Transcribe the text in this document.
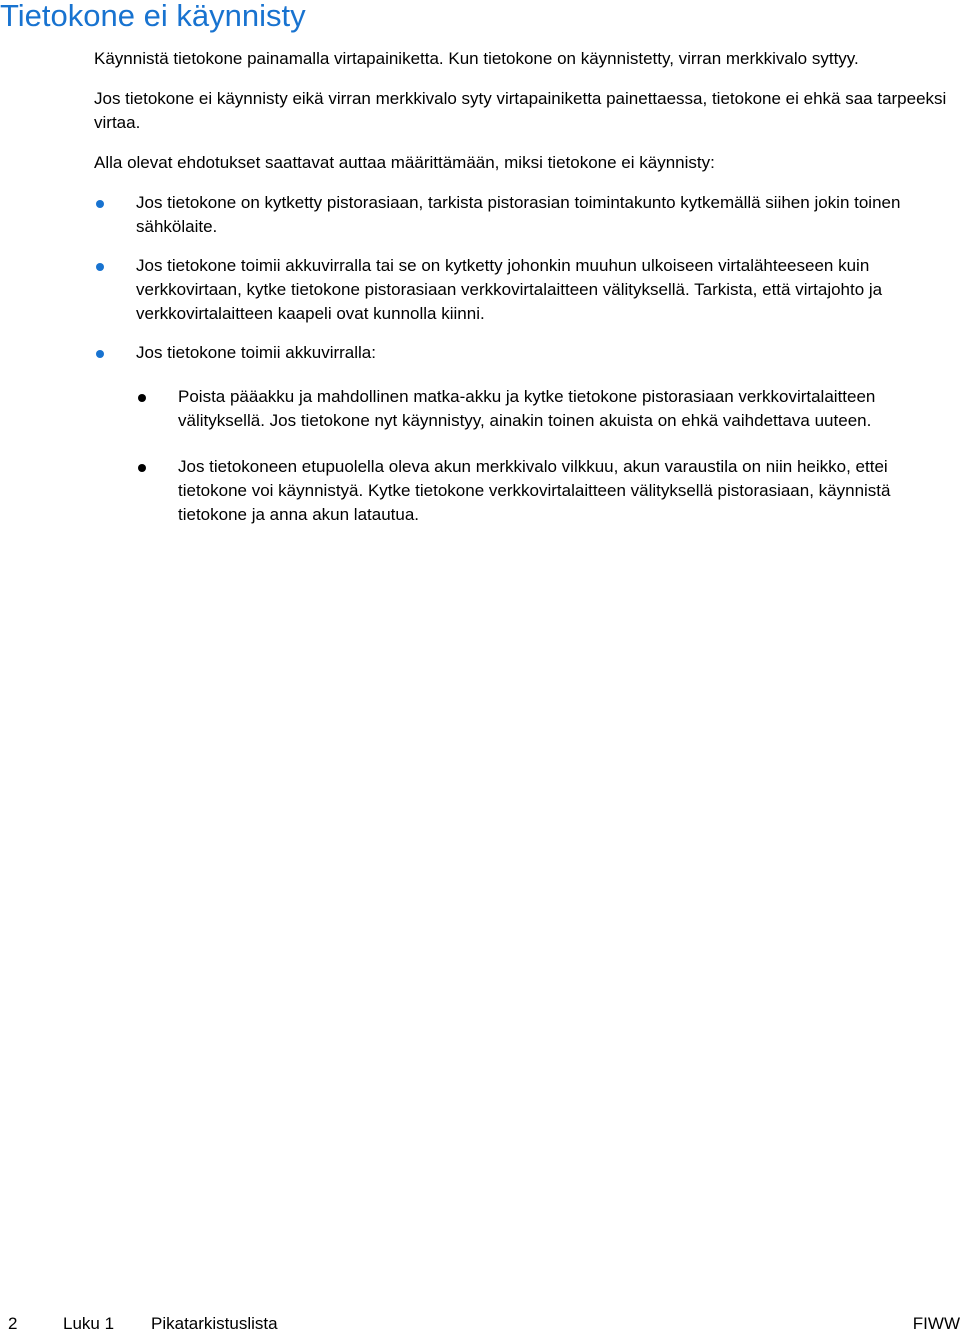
Tietokone ei käynnisty

Käynnistä tietokone painamalla virtapainiketta. Kun tietokone on käynnistetty, virran merkkivalo syttyy.

Jos tietokone ei käynnisty eikä virran merkkivalo syty virtapainiketta painettaessa, tietokone ei ehkä saa tarpeeksi virtaa.

Alla olevat ehdotukset saattavat auttaa määrittämään, miksi tietokone ei käynnisty:

Jos tietokone on kytketty pistorasiaan, tarkista pistorasian toimintakunto kytkemällä siihen jokin toinen sähkölaite.
Jos tietokone toimii akkuvirralla tai se on kytketty johonkin muuhun ulkoiseen virtalähteeseen kuin verkkovirtaan, kytke tietokone pistorasiaan verkkovirtalaitteen välityksellä. Tarkista, että virtajohto ja verkkovirtalaitteen kaapeli ovat kunnolla kiinni.
Jos tietokone toimii akkuvirralla:
Poista pääakku ja mahdollinen matka-akku ja kytke tietokone pistorasiaan verkkovirtalaitteen välityksellä. Jos tietokone nyt käynnistyy, ainakin toinen akuista on ehkä vaihdettava uuteen.
Jos tietokoneen etupuolella oleva akun merkkivalo vilkkuu, akun varaustila on niin heikko, ettei tietokone voi käynnistyä. Kytke tietokone verkkovirtalaitteen välityksellä pistorasiaan, käynnistä tietokone ja anna akun latautua.
2	Luku 1 Pikatarkistuslista	FIWW
